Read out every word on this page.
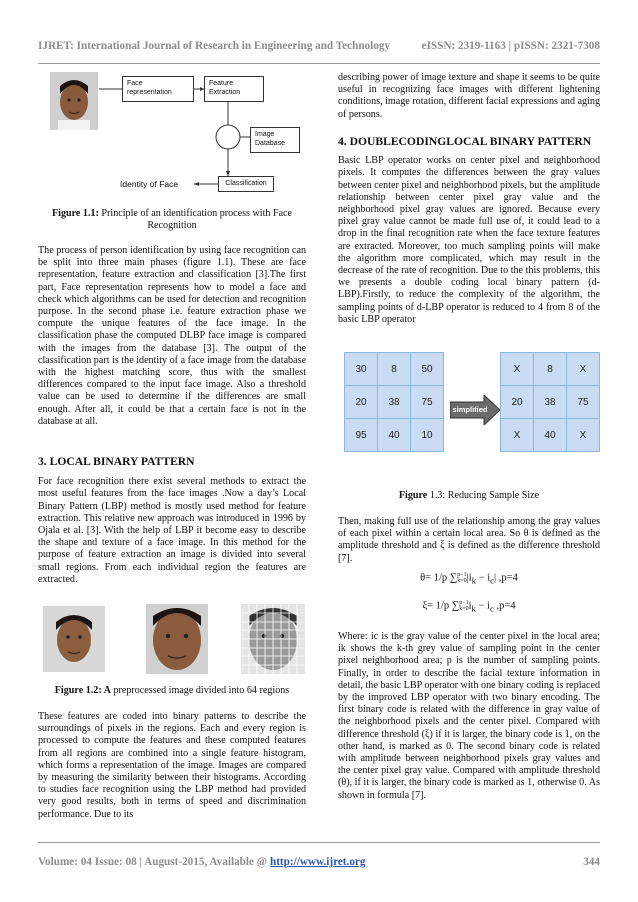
IJRET: International Journal of Research in Engineering and Technology	eISSN: 2319-1163 | pISSN: 2321-7308
Face representation
Feature Extraction
Image Database
Classification
Identity of Face
Figure 1.1: Principle of an identification process with Face Recognition

The process of person identification by using face recognition can be split into three main phases (figure 1.1). These are face representation, feature extraction and classification [3].The first part, Face representation represents how to model a face and check which algorithms can be used for detection and recognition purpose. In the second phase i.e. feature extraction phase we compute the unique features of the face image. In the classification phase the computed DLBP face image is compared with the images from the database [3]. The output of the classification part is the identity of a face image from the database with the highest matching score, thus with the smallest differences compared to the input face image. Also a threshold value can be used to determine if the differences are small enough. After all, it could be that a certain face is not in the database at all.

3. LOCAL BINARY PATTERN

For face recognition there exist several methods to extract the most useful features from the face images .Now a day’s Local Binary Pattern (LBP) method is mostly used method for feature extraction. This relative new approach was introduced in 1996 by Ojala et al. [3]. With the help of LBP it become easy to describe the shape and texture of a face image. In this method for the purpose of feature extraction an image is divided into several small regions. From each individual region the features are extracted.

Figure 1.2: A preprocessed image divided into 64 regions

These features are coded into binary patterns to describe the surroundings of pixels in the regions. Each and every region is processed to compute the features and these computed features from all regions are combined into a single feature histogram, which forms a representation of the image. Images are compared by measuring the similarity between their histograms. According to studies face recognition using the LBP method had provided very good results, both in terms of speed and discrimination performance. Due to its

describing power of image texture and shape it seems to be quite useful in recognizing face images with different lightening conditions, image rotation, different facial expressions and aging of persons.

4. DOUBLECODINGLOCAL BINARY PATTERN

Basic LBP operator works on center pixel and neighborhood pixels. It computes the differences between the gray values between center pixel and neighborhood pixels, but the amplitude relationship between center pixel gray value and the neighborhood pixel gray values are ignored. Because every pixel gray value cannot be made full use of, it could lead to a drop in the final recognition rate when the face texture features are extracted. Moreover, too much sampling points will make the algorithm more complicated, which may result in the decrease of the rate of recognition. Due to the this problems, this we presents a double coding local binary pattern (d-LBP).Firstly, to reduce the complexity of the algorithm, the sampling points of d-LBP operator is reduced to 4 from 8 of the basic LBP operator

30	8	50
20	38	75
95	40	10
simplified
X	8	X
20	38	75
X	40	X
Figure 1.3: Reducing Sample Size

Then, making full use of the relationship among the gray values of each pixel within a certain local area. So θ is defined as the amplitude threshold and ξ is defined as the difference threshold [7].

θ= 1/p ∑p−1
$k=0|i_k - i_c|$ ,p=4
ξ= 1/p ∑p−1
$k=0i_k - i_c$ ,p=4

Where: ic is the gray value of the center pixel in the local area; ik shows the k-th grey value of sampling point in the center pixel neighborhood area; p is the number of sampling points. Finally, in order to describe the facial texture information in detail, the basic LBP operator with one binary coding is replaced by the improved LBP operator with two binary encoding. The first binary code is related with the difference in gray value of the neighborhood pixels and the center pixel. Compared with difference threshold (ξ) if it is larger, the binary code is 1, on the other hand, is marked as 0. The second binary code is related with amplitude between neighborhood pixels gray values and the center pixel gray value. Compared with amplitude threshold (θ), if it is larger, the binary code is marked as 1, otherwise 0. As shown in formula [7].

Volume: 04 Issue: 08 | August-2015, Available @ http://www.ijret.org	344
